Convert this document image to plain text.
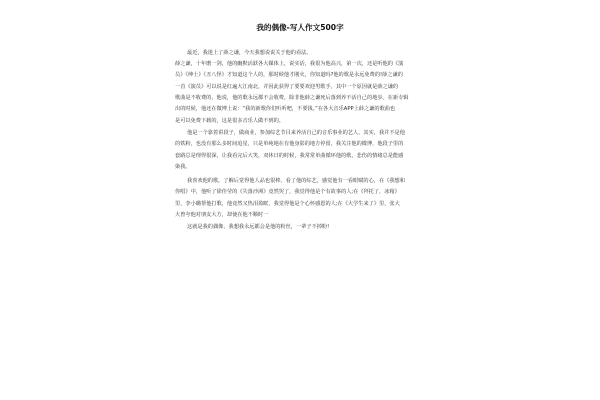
我的偶像-写人作文500字
最近，我迷上了薛之谦，今天我想说说关于他的看法。
薛之谦，十年磨一剑，他的幽默活跃各大媒体上，说实话，我很为他高兴，第一次，还是听他的《演
员》《绅士》《丑八怪》才知道这个人的，那时候他才刚火，你知道吗?他的歌是永远免费的!薛之谦的
一首《演员》可以说是红遍大江南北，并因此获得了要要欢迎男歌手，其中一个原因就是薛之谦的
歌曲是不收费的，他说，他的歌永远都不会收费，除非他薛之谦死后落到养不活自己的地步。在新专辑
出的时候，他还在微博上说：“我的新歌你们听听吧，不要钱。”在各大音乐APP上薛之谦的歌曲也
是可以免费下载的，这是很多音乐人做不到的。
他是一个靠着讲段子，做商业，参加综艺节目来养活自己的音乐事业的艺人，其实，我并不是他
的铁粉，也没有那么多时间追星，只是单纯地在有他身影的地方停留，我关注他的微博，他段子里的
套路总是理得很深，让我看完后大笑，双休日的时候，我常常单曲循环他的歌，悲伤的情绪总是能感
染我。
我喜欢他的歌，了解后觉得他人品也很棒，看了他的综艺，感觉他有一看眼赋的心，在《我想和
你唱》中，他听了徐佳莹的《失落沙洲》竟然哭了，我觉得他是个有故事的人;在《拜托了，冰箱》
里，李小璐帮他打歌，他竟然又热泪盈眶，我觉得他是个心怀感恩的人;在《大学生来了》里，张大
大曾夸他对朋友大方，却使在他不顺时一
这就是我的偶像，我想我永远都会是他的粉丝，一辈子不掉粉!
